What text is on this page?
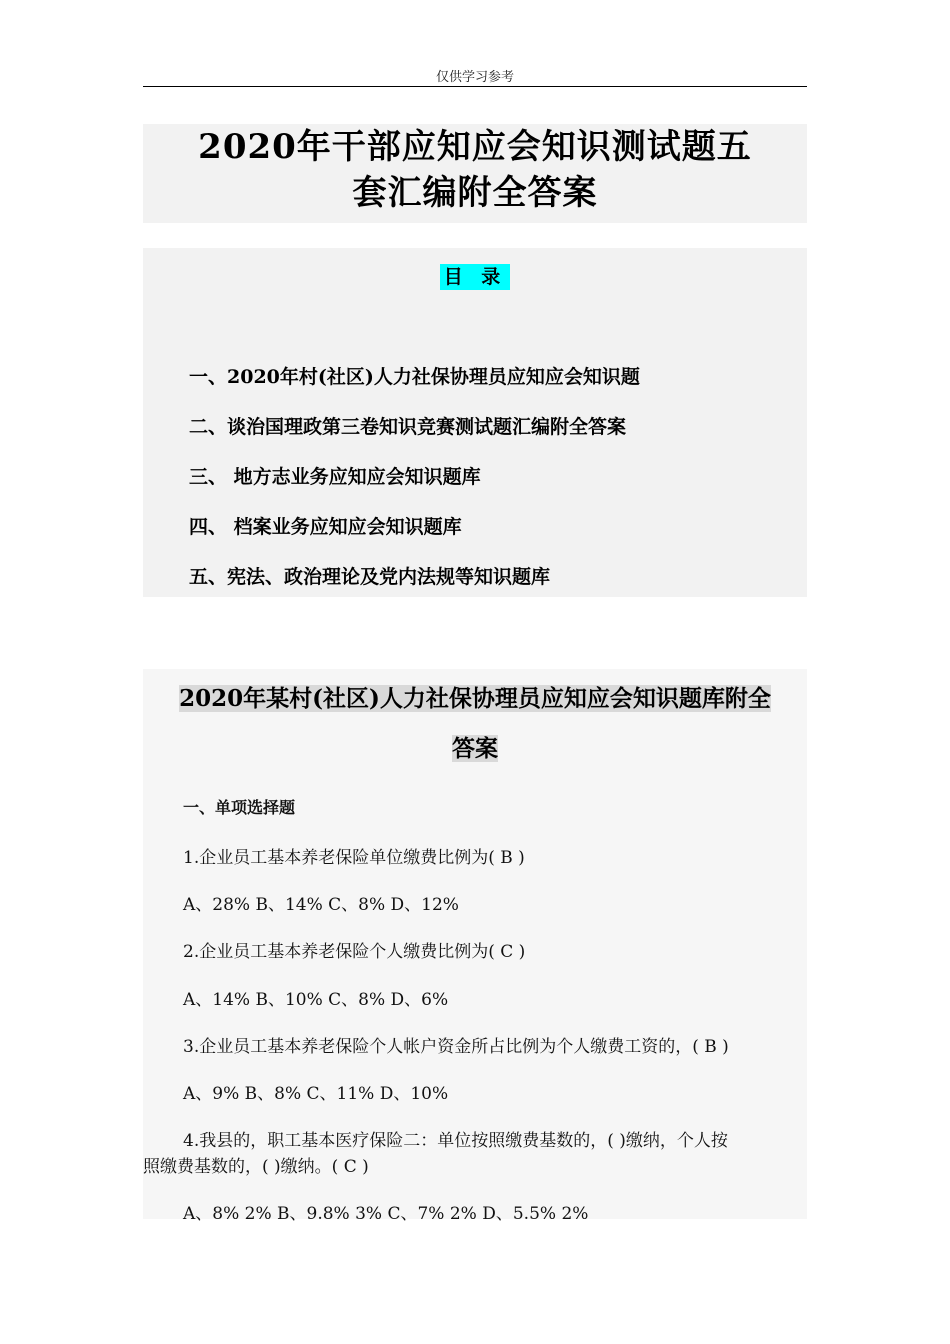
仅供学习参考
2020年干部应知应会知识测试题五
套汇编附全答案
目 录
一、2020年村(社区)人力社保协理员应知应会知识题
二、谈治国理政第三卷知识竞赛测试题汇编附全答案
三、 地方志业务应知应会知识题库
四、 档案业务应知应会知识题库
五、宪法、政治理论及党内法规等知识题库
2020年某村(社区)人力社保协理员应知应会知识题库附全
答案
一、单项选择题
1.企业员工基本养老保险单位缴费比例为( B )
A、28% B、14% C、8% D、12%
2.企业员工基本养老保险个人缴费比例为( C )
A、14% B、10% C、8% D、6%
3.企业员工基本养老保险个人帐户资金所占比例为个人缴费工资的，( B )
A、9% B、8% C、11% D、10%
4.我县的，职工基本医疗保险二：单位按照缴费基数的，( )缴纳，个人按
照缴费基数的，( )缴纳。( C )
A、8% 2% B、9.8% 3% C、7% 2% D、5.5% 2%
